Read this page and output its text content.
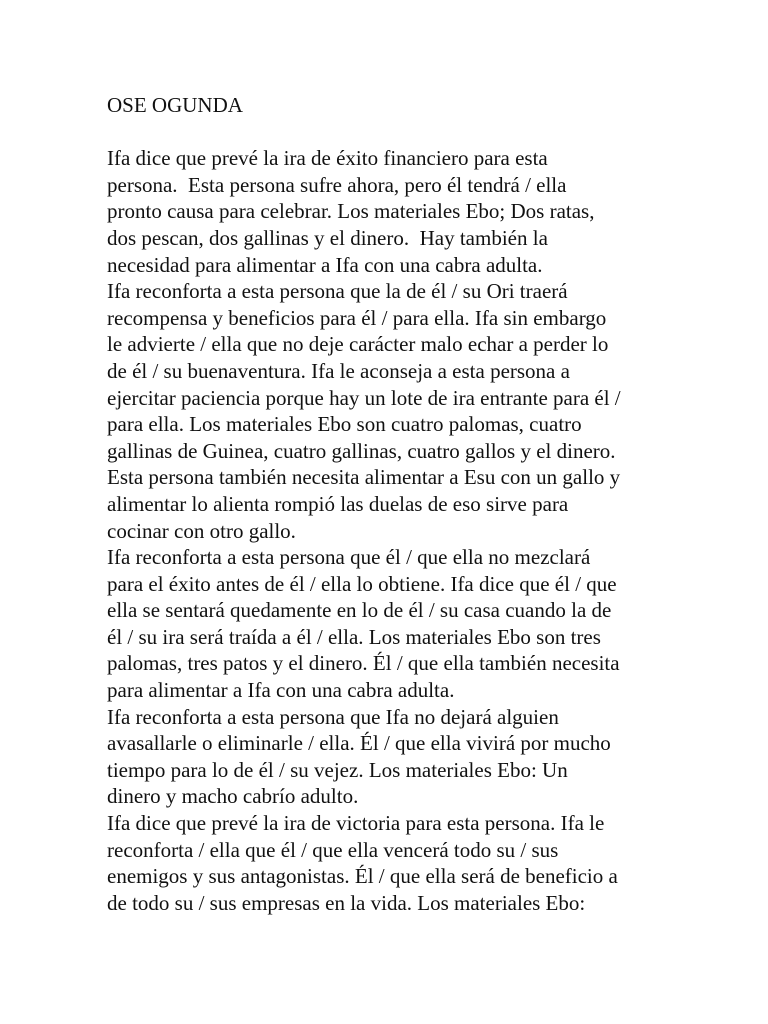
OSE OGUNDA
Ifa dice que prevé la ira de éxito financiero para esta
persona.  Esta persona sufre ahora, pero él tendrá / ella
pronto causa para celebrar. Los materiales Ebo; Dos ratas,
dos pescan, dos gallinas y el dinero.  Hay también la
necesidad para alimentar a Ifa con una cabra adulta.
Ifa reconforta a esta persona que la de él / su Ori traerá
recompensa y beneficios para él / para ella. Ifa sin embargo
le advierte / ella que no deje carácter malo echar a perder lo
de él / su buenaventura. Ifa le aconseja a esta persona a
ejercitar paciencia porque hay un lote de ira entrante para él /
para ella. Los materiales Ebo son cuatro palomas, cuatro
gallinas de Guinea, cuatro gallinas, cuatro gallos y el dinero.
Esta persona también necesita alimentar a Esu con un gallo y
alimentar lo alienta rompió las duelas de eso sirve para
cocinar con otro gallo.
Ifa reconforta a esta persona que él / que ella no mezclará
para el éxito antes de él / ella lo obtiene. Ifa dice que él / que
ella se sentará quedamente en lo de él / su casa cuando la de
él / su ira será traída a él / ella. Los materiales Ebo son tres
palomas, tres patos y el dinero. Él / que ella también necesita
para alimentar a Ifa con una cabra adulta.
Ifa reconforta a esta persona que Ifa no dejará alguien
avasallarle o eliminarle / ella. Él / que ella vivirá por mucho
tiempo para lo de él / su vejez. Los materiales Ebo: Un
dinero y macho cabrío adulto.
Ifa dice que prevé la ira de victoria para esta persona. Ifa le
reconforta / ella que él / que ella vencerá todo su / sus
enemigos y sus antagonistas. Él / que ella será de beneficio a
de todo su / sus empresas en la vida. Los materiales Ebo:
